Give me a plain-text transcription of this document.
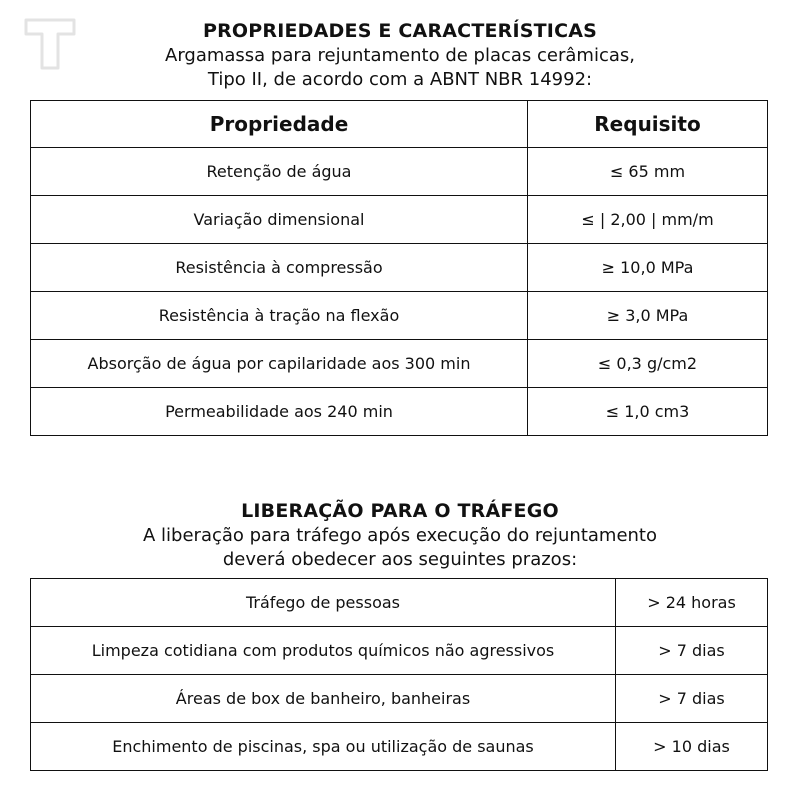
PROPRIEDADES E CARACTERÍSTICAS
Argamassa para rejuntamento de placas cerâmicas,
Tipo II, de acordo com a ABNT NBR 14992:
Propriedade	Requisito
Retenção de água	≤ 65 mm
Variação dimensional	≤ | 2,00 | mm/m
Resistência à compressão	≥ 10,0 MPa
Resistência à tração na flexão	≥ 3,0 MPa
Absorção de água por capilaridade aos 300 min	≤ 0,3 g/cm2
Permeabilidade aos 240 min	≤ 1,0 cm3
LIBERAÇÃO PARA O TRÁFEGO
A liberação para tráfego após execução do rejuntamento
deverá obedecer aos seguintes prazos:
Tráfego de pessoas	> 24 horas
Limpeza cotidiana com produtos químicos não agressivos	> 7 dias
Áreas de box de banheiro, banheiras	> 7 dias
Enchimento de piscinas, spa ou utilização de saunas	> 10 dias
